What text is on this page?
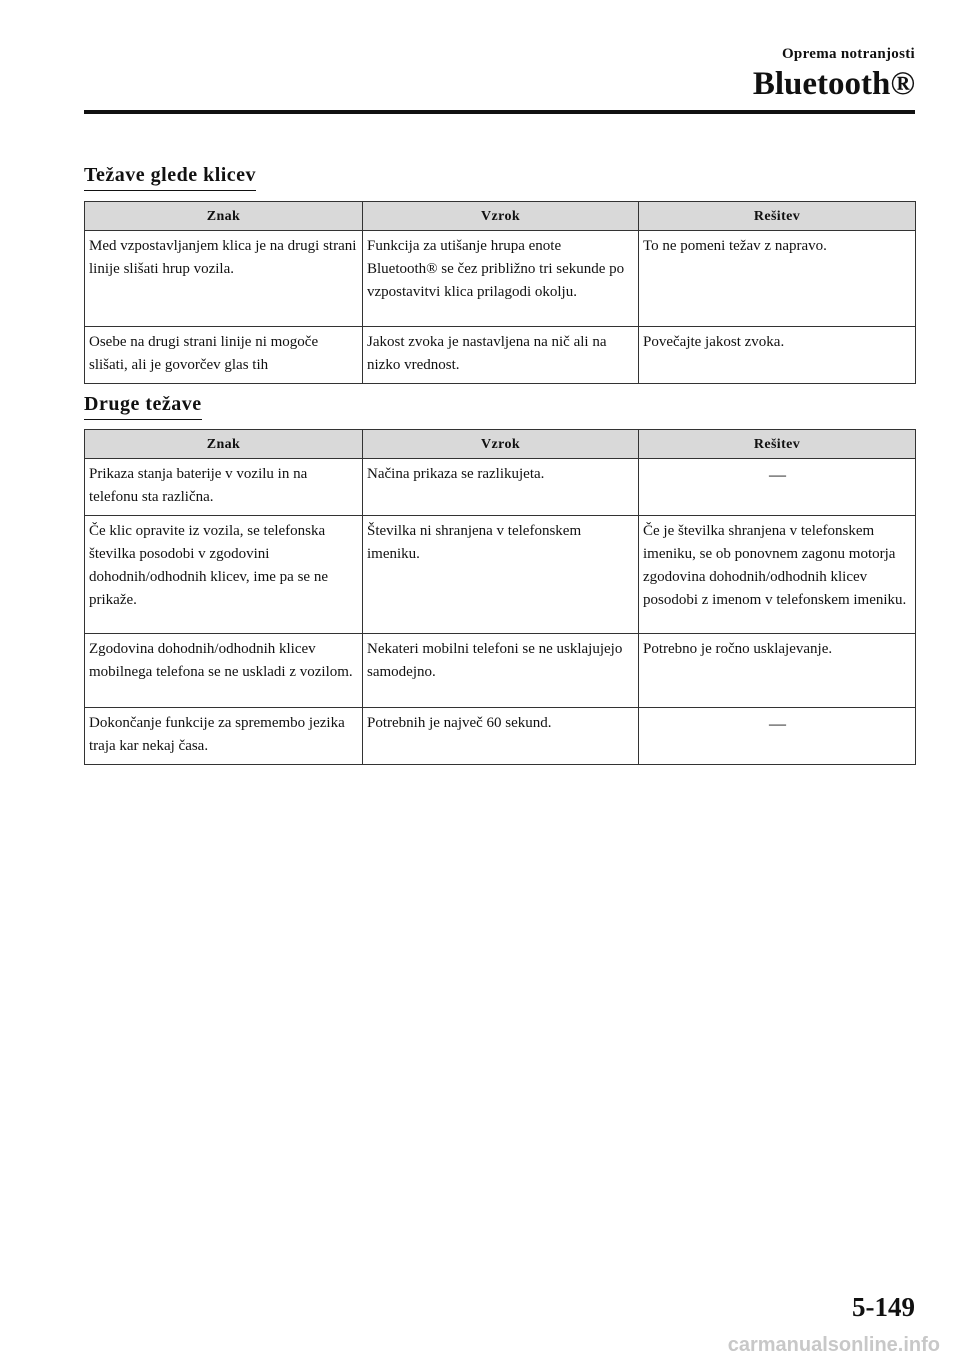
Oprema notranjosti
Bluetooth®
Težave glede klicev
Znak	Vzrok	Rešitev
Med vzpostavljanjem klica je na drugi strani linije slišati hrup vozila.	Funkcija za utišanje hrupa enote Bluetooth® se čez približno tri sekunde po vzpostavitvi klica prilagodi okolju.	To ne pomeni težav z napravo.
Osebe na drugi strani linije ni mogoče slišati, ali je govorčev glas tih	Jakost zvoka je nastavljena na nič ali na nizko vrednost.	Povečajte jakost zvoka.
Druge težave
Znak	Vzrok	Rešitev
Prikaza stanja baterije v vozilu in na telefonu sta različna.	Načina prikaza se razlikujeta.	—
Če klic opravite iz vozila, se telefonska številka posodobi v zgodovini dohodnih/odhodnih klicev, ime pa se ne prikaže.	Številka ni shranjena v telefonskem imeniku.	Če je številka shranjena v telefonskem imeniku, se ob ponovnem zagonu motorja zgodovina dohodnih/odhodnih klicev posodobi z imenom v telefonskem imeniku.
Zgodovina dohodnih/odhodnih klicev mobilnega telefona se ne uskladi z vozilom.	Nekateri mobilni telefoni se ne usklajujejo samodejno.	Potrebno je ročno usklajevanje.
Dokončanje funkcije za spremembo jezika traja kar nekaj časa.	Potrebnih je največ 60 sekund.	—
5-149
carmanualsonline.info
